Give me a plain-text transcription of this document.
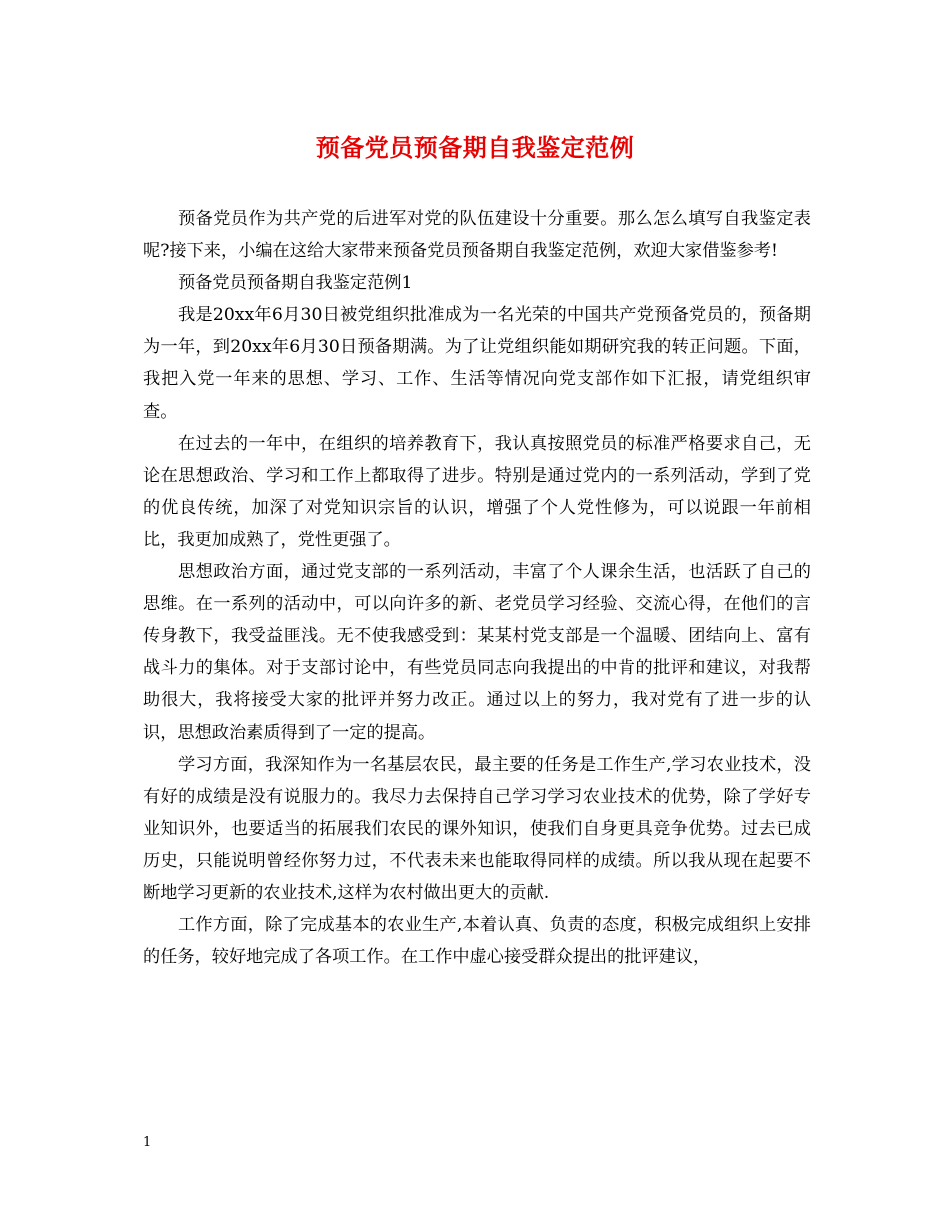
预备党员预备期自我鉴定范例

预备党员作为共产党的后进军对党的队伍建设十分重要。那么怎么填写自我鉴定表呢?接下来，小编在这给大家带来预备党员预备期自我鉴定范例，欢迎大家借鉴参考!

预备党员预备期自我鉴定范例1

我是20xx年6月30日被党组织批准成为一名光荣的中国共产党预备党员的，预备期为一年，到20xx年6月30日预备期满。为了让党组织能如期研究我的转正问题。下面，我把入党一年来的思想、学习、工作、生活等情况向党支部作如下汇报，请党组织审查。

在过去的一年中，在组织的培养教育下，我认真按照党员的标准严格要求自己，无论在思想政治、学习和工作上都取得了进步。特别是通过党内的一系列活动，学到了党的优良传统，加深了对党知识宗旨的认识，增强了个人党性修为，可以说跟一年前相比，我更加成熟了，党性更强了。

思想政治方面，通过党支部的一系列活动，丰富了个人课余生活，也活跃了自己的思维。在一系列的活动中，可以向许多的新、老党员学习经验、交流心得，在他们的言传身教下，我受益匪浅。无不使我感受到：某某村党支部是一个温暖、团结向上、富有战斗力的集体。对于支部讨论中，有些党员同志向我提出的中肯的批评和建议，对我帮助很大，我将接受大家的批评并努力改正。通过以上的努力，我对党有了进一步的认识，思想政治素质得到了一定的提高。

学习方面，我深知作为一名基层农民，最主要的任务是工作生产,学习农业技术，没有好的成绩是没有说服力的。我尽力去保持自己学习学习农业技术的优势，除了学好专业知识外，也要适当的拓展我们农民的课外知识，使我们自身更具竞争优势。过去已成历史，只能说明曾经你努力过，不代表未来也能取得同样的成绩。所以我从现在起要不断地学习更新的农业技术,这样为农村做出更大的贡献.

工作方面，除了完成基本的农业生产,本着认真、负责的态度，积极完成组织上安排的任务，较好地完成了各项工作。在工作中虚心接受群众提出的批评建议，

1
